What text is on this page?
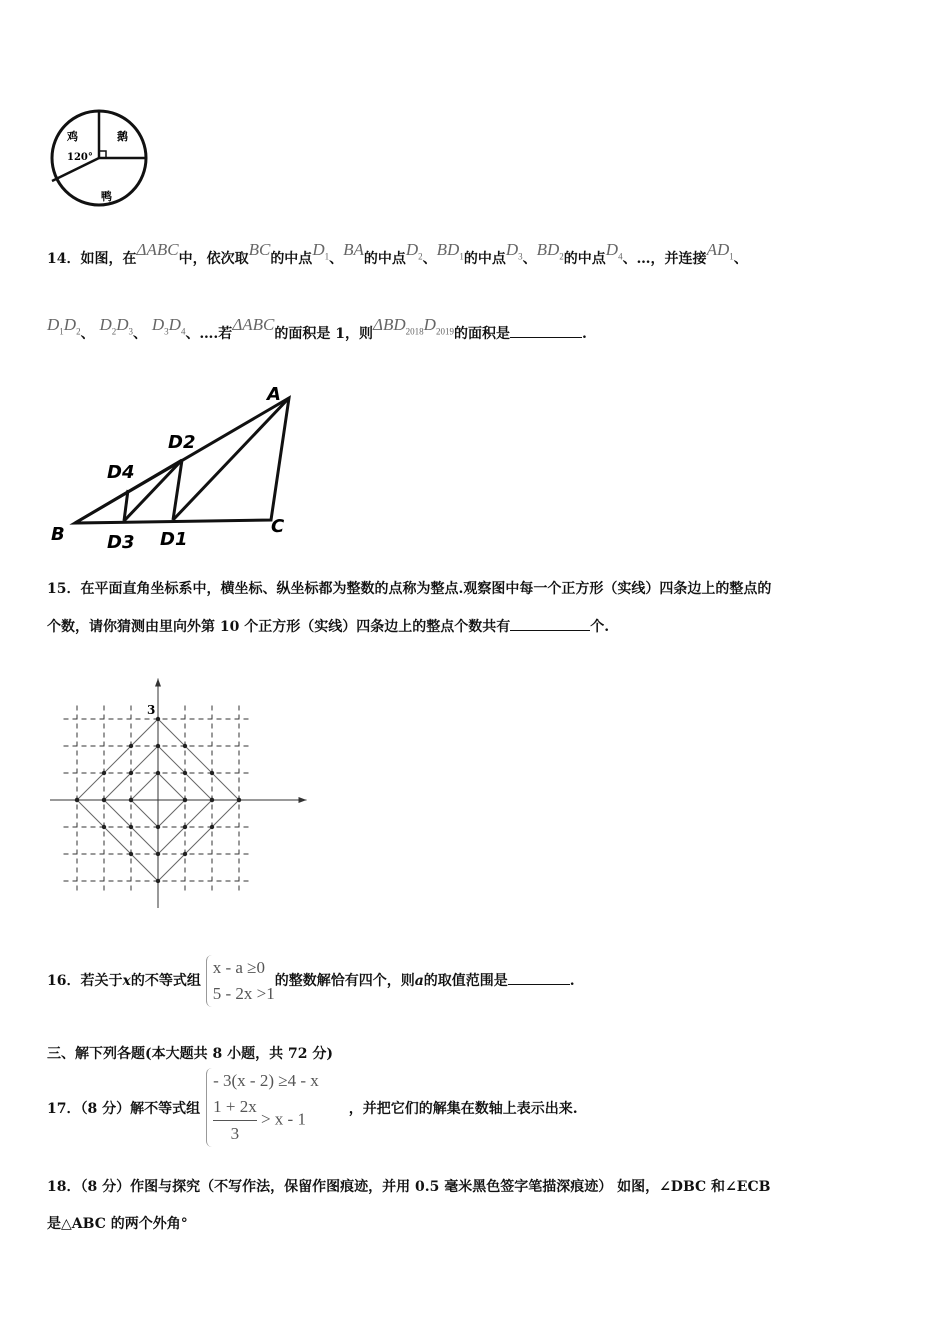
鸡	鹅
鸭
120°
14．如图，在ΔABC中，依次取BC的中点$D_1$、BA的中点$D_2$、$BD_1$的中点$D_3$、$BD_2$的中点$D_4$、…，并连接$AD_1$、
$D_1D_2$、 $D_2D_3$、 $D_3D_4$、….若ΔABC的面积是 1，则$\Delta BD_{2018}D_{2019}$的面积是	.
A
B	C
D1
D2
D3
D4
15．在平面直角坐标系中，横坐标、纵坐标都为整数的点称为整点.观察图中每一个正方形（实线）四条边上的整点的
个数，请你猜测由里向外第 10 个正方形（实线）四条边上的整点个数共有	个.
3
16．若关于x的不等式组 x - a ≥0
5 - 2x >1的整数解恰有四个，则a的取值范围是	.
三、解下列各题(本大题共 8 小题，共 72 分)
17．（8 分）解不等式组
- 3(x - 2) ≥4 - x

$\frac{1 + 2x}{3} > x - 1$
，并把它们的解集在数轴上表示出来.
18．（8 分）作图与探究（不写作法，保留作图痕迹，并用 0.5 毫米黑色签字笔描深痕迹） 如图，∠DBC 和∠ECB
是△ABC 的两个外角°
